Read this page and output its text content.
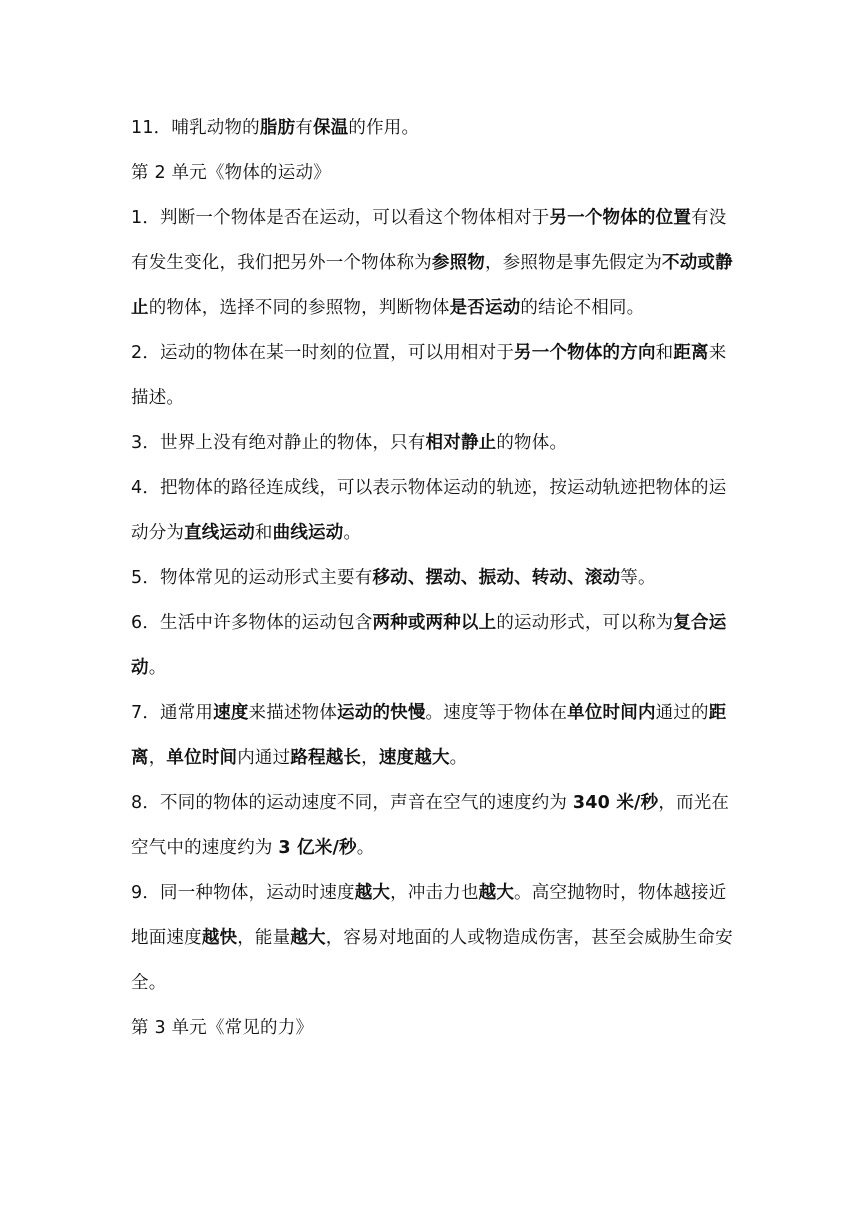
11．哺乳动物的脂肪有保温的作用。

第 2 单元《物体的运动》

1．判断一个物体是否在运动，可以看这个物体相对于另一个物体的位置有没有发生变化，我们把另外一个物体称为参照物，参照物是事先假定为不动或静止的物体，选择不同的参照物，判断物体是否运动的结论不相同。

2．运动的物体在某一时刻的位置，可以用相对于另一个物体的方向和距离来描述。

3．世界上没有绝对静止的物体，只有相对静止的物体。

4．把物体的路径连成线，可以表示物体运动的轨迹，按运动轨迹把物体的运动分为直线运动和曲线运动。

5．物体常见的运动形式主要有移动、摆动、振动、转动、滚动等。

6．生活中许多物体的运动包含两种或两种以上的运动形式，可以称为复合运动。

7．通常用速度来描述物体运动的快慢。速度等于物体在单位时间内通过的距离，单位时间内通过路程越长，速度越大。

8．不同的物体的运动速度不同，声音在空气的速度约为 340 米/秒，而光在空气中的速度约为 3 亿米/秒。

9．同一种物体，运动时速度越大，冲击力也越大。高空抛物时，物体越接近地面速度越快，能量越大，容易对地面的人或物造成伤害，甚至会威胁生命安全。

第 3 单元《常见的力》
